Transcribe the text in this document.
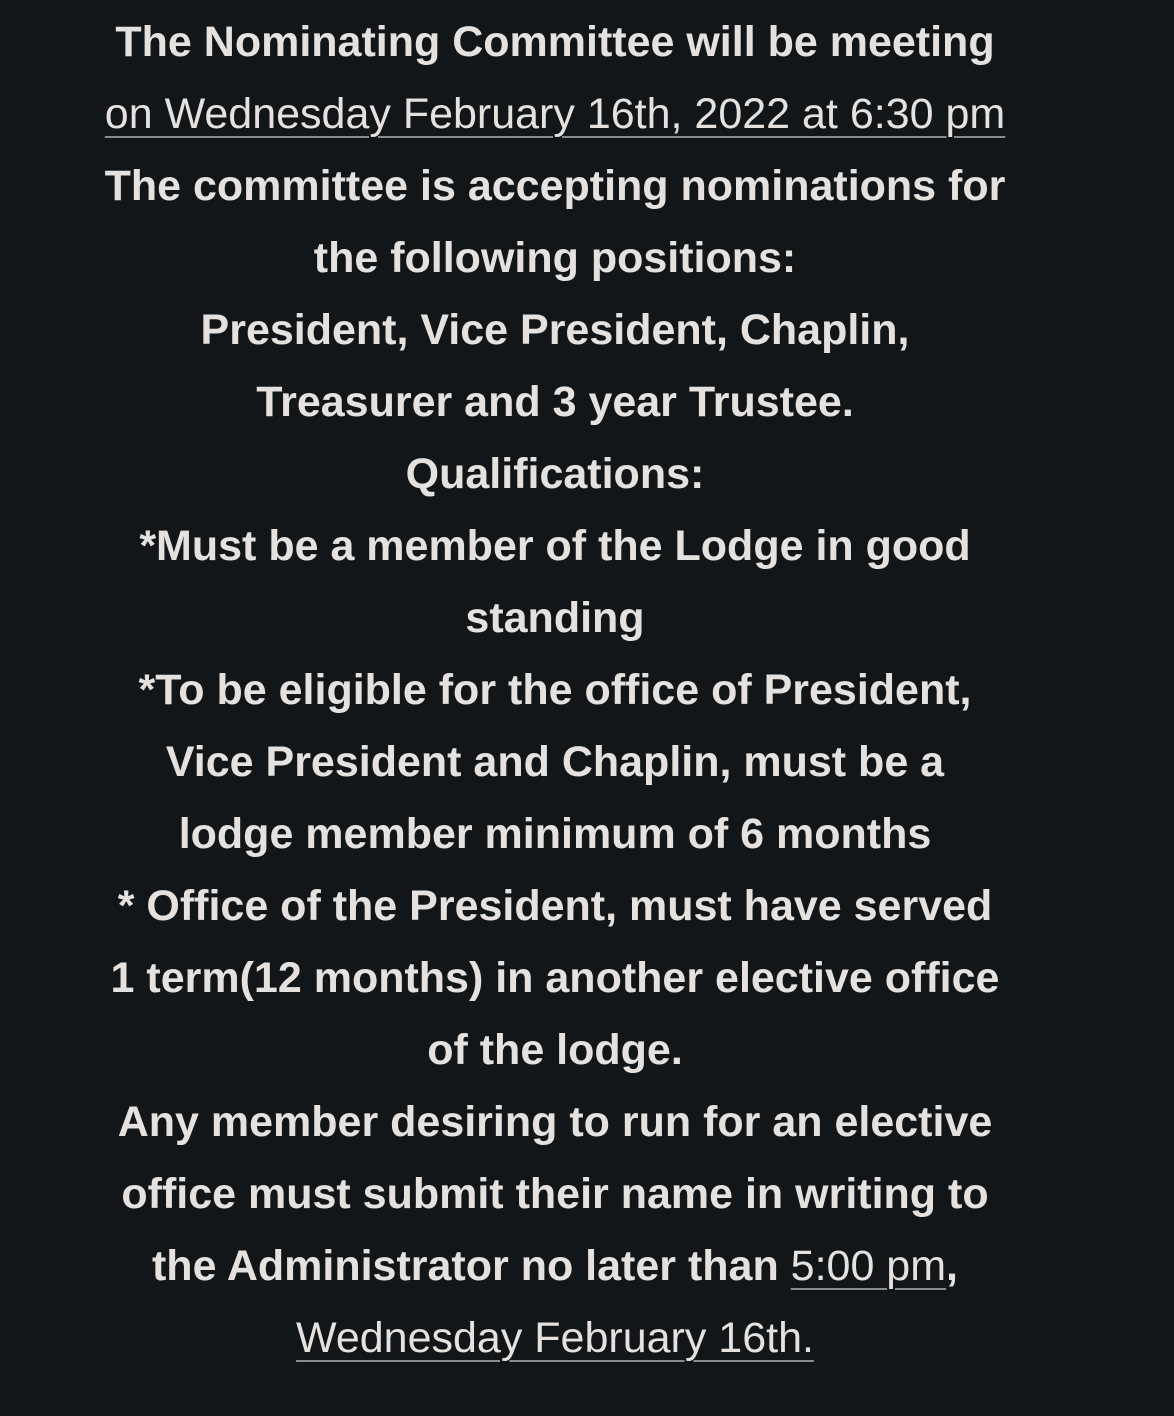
The Nominating Committee will be meeting
on Wednesday February 16th, 2022 at 6:30 pm
The committee is accepting nominations for
the following positions:
President, Vice President, Chaplin,
Treasurer and 3 year Trustee.
Qualifications:
*Must be a member of the Lodge in good
standing
*To be eligible for the office of President,
Vice President and Chaplin, must be a
lodge member minimum of 6 months
* Office of the President, must have served
1 term(12 months) in another elective office
of the lodge.
Any member desiring to run for an elective
office must submit their name in writing to
the Administrator no later than 5:00 pm,
Wednesday February 16th.
